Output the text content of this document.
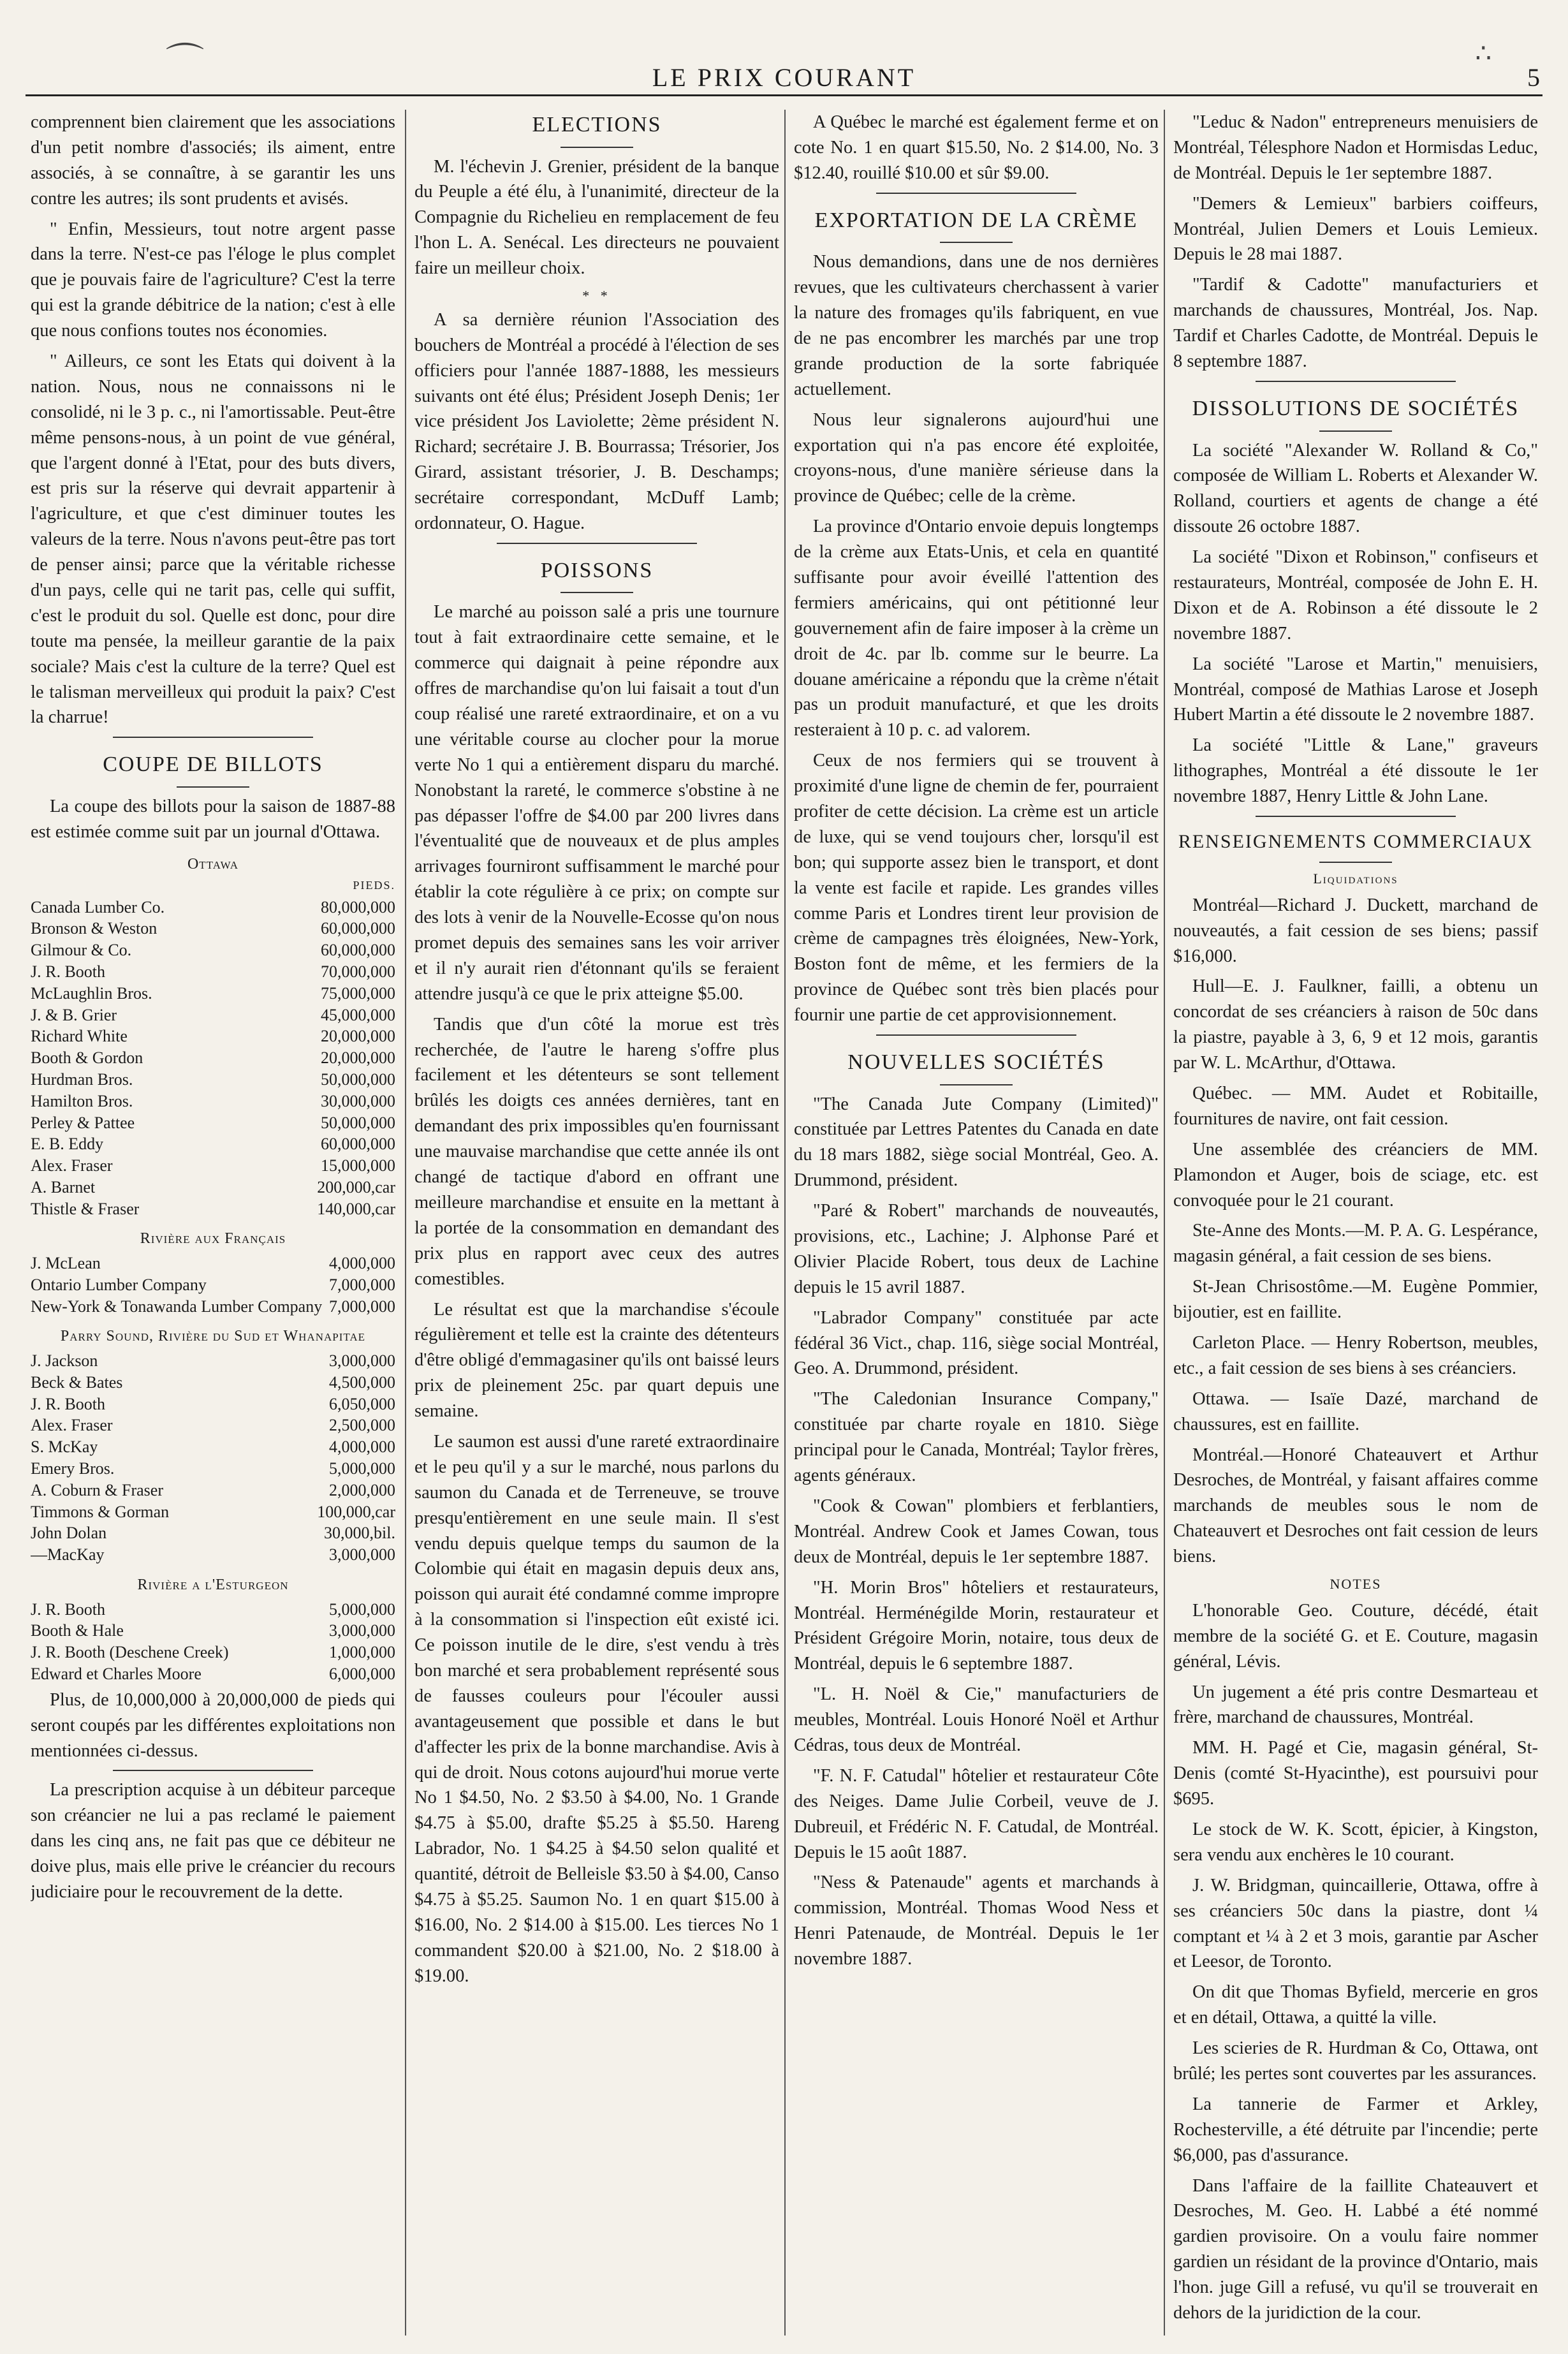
⌒	∴
LE PRIX COURANT	5

comprennent bien clairement que les associations d'un petit nombre d'associés; ils aiment, entre associés, à se connaître, à se garantir les uns contre les autres; ils sont prudents et avisés.

" Enfin, Messieurs, tout notre argent passe dans la terre. N'est-ce pas l'éloge le plus complet que je pouvais faire de l'agriculture? C'est la terre qui est la grande débitrice de la nation; c'est à elle que nous confions toutes nos économies.

" Ailleurs, ce sont les Etats qui doivent à la nation. Nous, nous ne connaissons ni le consolidé, ni le 3 p. c., ni l'amortissable. Peut-être même pensons-nous, à un point de vue général, que l'argent donné à l'Etat, pour des buts divers, est pris sur la réserve qui devrait appartenir à l'agriculture, et que c'est diminuer toutes les valeurs de la terre. Nous n'avons peut-être pas tort de penser ainsi; parce que la véritable richesse d'un pays, celle qui ne tarit pas, celle qui suffit, c'est le produit du sol. Quelle est donc, pour dire toute ma pensée, la meilleur garantie de la paix sociale? Mais c'est la culture de la terre? Quel est le talisman merveilleux qui produit la paix? C'est la charrue!

COUPE DE BILLOTS

La coupe des billots pour la saison de 1887-88 est estimée comme suit par un journal d'Ottawa.

Ottawa
PIEDS.
Canada Lumber Co.	80,000,000
Bronson & Weston	60,000,000
Gilmour & Co.	60,000,000
J. R. Booth	70,000,000
McLaughlin Bros.	75,000,000
J. & B. Grier	45,000,000
Richard White	20,000,000
Booth & Gordon	20,000,000
Hurdman Bros.	50,000,000
Hamilton Bros.	30,000,000
Perley & Pattee	50,000,000
E. B. Eddy	60,000,000
Alex. Fraser	15,000,000
A. Barnet	200,000,car
Thistle & Fraser	140,000,car
Rivière aux Français
J. McLean	4,000,000
Ontario Lumber Company	7,000,000
New-York & Tonawanda Lumber Company 7,000,000
Parry Sound, Rivière du Sud et Whanapitae
J. Jackson	3,000,000
Beck & Bates	4,500,000
J. R. Booth	6,050,000
Alex. Fraser	2,500,000
S. McKay	4,000,000
Emery Bros.	5,000,000
A. Coburn & Fraser	2,000,000
Timmons & Gorman	100,000,car
John Dolan	30,000,bil.
—MacKay	3,000,000
Rivière a l'Esturgeon
J. R. Booth	5,000,000
Booth & Hale	3,000,000
J. R. Booth (Deschene Creek)	1,000,000
Edward et Charles Moore	6,000,000

Plus, de 10,000,000 à 20,000,000 de pieds qui seront coupés par les différentes exploitations non mentionnées ci-dessus.

La prescription acquise à un débiteur parceque son créancier ne lui a pas reclamé le paiement dans les cinq ans, ne fait pas que ce débiteur ne doive plus, mais elle prive le créancier du recours judiciaire pour le recouvrement de la dette.

ELECTIONS

M. l'échevin J. Grenier, président de la banque du Peuple a été élu, à l'unanimité, directeur de la Compagnie du Richelieu en remplacement de feu l'hon L. A. Senécal. Les directeurs ne pouvaient faire un meilleur choix.

* *

A sa dernière réunion l'Association des bouchers de Montréal a procédé à l'élection de ses officiers pour l'année 1887-1888, les messieurs suivants ont été élus; Président Joseph Denis; 1er vice président Jos Laviolette; 2ème président N. Richard; secrétaire J. B. Bourrassa; Trésorier, Jos Girard, assistant trésorier, J. B. Deschamps; secrétaire correspondant, McDuff Lamb; ordonnateur, O. Hague.

POISSONS

Le marché au poisson salé a pris une tournure tout à fait extraordinaire cette semaine, et le commerce qui daignait à peine répondre aux offres de marchandise qu'on lui faisait a tout d'un coup réalisé une rareté extraordinaire, et on a vu une véritable course au clocher pour la morue verte No 1 qui a entièrement disparu du marché. Nonobstant la rareté, le commerce s'obstine à ne pas dépasser l'offre de $4.00 par 200 livres dans l'éventualité que de nouveaux et de plus amples arrivages fourniront suffisamment le marché pour établir la cote régulière à ce prix; on compte sur des lots à venir de la Nouvelle-Ecosse qu'on nous promet depuis des semaines sans les voir arriver et il n'y aurait rien d'étonnant qu'ils se feraient attendre jusqu'à ce que le prix atteigne $5.00.

Tandis que d'un côté la morue est très recherchée, de l'autre le hareng s'offre plus facilement et les détenteurs se sont tellement brûlés les doigts ces années dernières, tant en demandant des prix impossibles qu'en fournissant une mauvaise marchandise que cette année ils ont changé de tactique d'abord en offrant une meilleure marchandise et ensuite en la mettant à la portée de la consommation en demandant des prix plus en rapport avec ceux des autres comestibles.

Le résultat est que la marchandise s'écoule régulièrement et telle est la crainte des détenteurs d'être obligé d'emmagasiner qu'ils ont baissé leurs prix de pleinement 25c. par quart depuis une semaine.

Le saumon est aussi d'une rareté extraordinaire et le peu qu'il y a sur le marché, nous parlons du saumon du Canada et de Terreneuve, se trouve presqu'entièrement en une seule main. Il s'est vendu depuis quelque temps du saumon de la Colombie qui était en magasin depuis deux ans, poisson qui aurait été condamné comme impropre à la consommation si l'inspection eût existé ici. Ce poisson inutile de le dire, s'est vendu à très bon marché et sera probablement représenté sous de fausses couleurs pour l'écouler aussi avantageusement que possible et dans le but d'affecter les prix de la bonne marchandise. Avis à qui de droit. Nous cotons aujourd'hui morue verte No 1 $4.50, No. 2 $3.50 à $4.00, No. 1 Grande $4.75 à $5.00, drafte $5.25 à $5.50. Hareng Labrador, No. 1 $4.25 à $4.50 selon qualité et quantité, détroit de Belleisle $3.50 à $4.00, Canso $4.75 à $5.25. Saumon No. 1 en quart $15.00 à $16.00, No. 2 $14.00 à $15.00. Les tierces No 1 commandent $20.00 à $21.00, No. 2 $18.00 à $19.00.

A Québec le marché est également ferme et on cote No. 1 en quart $15.50, No. 2 $14.00, No. 3 $12.40, rouillé $10.00 et sûr $9.00.

EXPORTATION DE LA CRÈME

Nous demandions, dans une de nos dernières revues, que les cultivateurs cherchassent à varier la nature des fromages qu'ils fabriquent, en vue de ne pas encombrer les marchés par une trop grande production de la sorte fabriquée actuellement.

Nous leur signalerons aujourd'hui une exportation qui n'a pas encore été exploitée, croyons-nous, d'une manière sérieuse dans la province de Québec; celle de la crème.

La province d'Ontario envoie depuis longtemps de la crème aux Etats-Unis, et cela en quantité suffisante pour avoir éveillé l'attention des fermiers américains, qui ont pétitionné leur gouvernement afin de faire imposer à la crème un droit de 4c. par lb. comme sur le beurre. La douane américaine a répondu que la crème n'était pas un produit manufacturé, et que les droits resteraient à 10 p. c. ad valorem.

Ceux de nos fermiers qui se trouvent à proximité d'une ligne de chemin de fer, pourraient profiter de cette décision. La crème est un article de luxe, qui se vend toujours cher, lorsqu'il est bon; qui supporte assez bien le transport, et dont la vente est facile et rapide. Les grandes villes comme Paris et Londres tirent leur provision de crème de campagnes très éloignées, New-York, Boston font de même, et les fermiers de la province de Québec sont très bien placés pour fournir une partie de cet approvisionnement.

NOUVELLES SOCIÉTÉS

"The Canada Jute Company (Limited)" constituée par Lettres Patentes du Canada en date du 18 mars 1882, siège social Montréal, Geo. A. Drummond, président.

"Paré & Robert" marchands de nouveautés, provisions, etc., Lachine; J. Alphonse Paré et Olivier Placide Robert, tous deux de Lachine depuis le 15 avril 1887.

"Labrador Company" constituée par acte fédéral 36 Vict., chap. 116, siège social Montréal, Geo. A. Drummond, président.

"The Caledonian Insurance Company," constituée par charte royale en 1810. Siège principal pour le Canada, Montréal; Taylor frères, agents généraux.

"Cook & Cowan" plombiers et ferblantiers, Montréal. Andrew Cook et James Cowan, tous deux de Montréal, depuis le 1er septembre 1887.

"H. Morin Bros" hôteliers et restaurateurs, Montréal. Herménégilde Morin, restaurateur et Président Grégoire Morin, notaire, tous deux de Montréal, depuis le 6 septembre 1887.

"L. H. Noël & Cie," manufacturiers de meubles, Montréal. Louis Honoré Noël et Arthur Cédras, tous deux de Montréal.

"F. N. F. Catudal" hôtelier et restaurateur Côte des Neiges. Dame Julie Corbeil, veuve de J. Dubreuil, et Frédéric N. F. Catudal, de Montréal. Depuis le 15 août 1887.

"Ness & Patenaude" agents et marchands à commission, Montréal. Thomas Wood Ness et Henri Patenaude, de Montréal. Depuis le 1er novembre 1887.

"Leduc & Nadon" entrepreneurs menuisiers de Montréal, Télesphore Nadon et Hormisdas Leduc, de Montréal. Depuis le 1er septembre 1887.

"Demers & Lemieux" barbiers coiffeurs, Montréal, Julien Demers et Louis Lemieux. Depuis le 28 mai 1887.

"Tardif & Cadotte" manufacturiers et marchands de chaussures, Montréal, Jos. Nap. Tardif et Charles Cadotte, de Montréal. Depuis le 8 septembre 1887.

DISSOLUTIONS DE SOCIÉTÉS

La société "Alexander W. Rolland & Co," composée de William L. Roberts et Alexander W. Rolland, courtiers et agents de change a été dissoute 26 octobre 1887.

La société "Dixon et Robinson," confiseurs et restaurateurs, Montréal, composée de John E. H. Dixon et de A. Robinson a été dissoute le 2 novembre 1887.

La société "Larose et Martin," menuisiers, Montréal, composé de Mathias Larose et Joseph Hubert Martin a été dissoute le 2 novembre 1887.

La société "Little & Lane," graveurs lithographes, Montréal a été dissoute le 1er novembre 1887, Henry Little & John Lane.

RENSEIGNEMENTS COMMERCIAUX
Liquidations

Montréal—Richard J. Duckett, marchand de nouveautés, a fait cession de ses biens; passif $16,000.

Hull—E. J. Faulkner, failli, a obtenu un concordat de ses créanciers à raison de 50c dans la piastre, payable à 3, 6, 9 et 12 mois, garantis par W. L. McArthur, d'Ottawa.

Québec. — MM. Audet et Robitaille, fournitures de navire, ont fait cession.

Une assemblée des créanciers de MM. Plamondon et Auger, bois de sciage, etc. est convoquée pour le 21 courant.

Ste-Anne des Monts.—M. P. A. G. Lespérance, magasin général, a fait cession de ses biens.

St-Jean Chrisostôme.—M. Eugène Pommier, bijoutier, est en faillite.

Carleton Place. — Henry Robertson, meubles, etc., a fait cession de ses biens à ses créanciers.

Ottawa. — Isaïe Dazé, marchand de chaussures, est en faillite.

Montréal.—Honoré Chateauvert et Arthur Desroches, de Montréal, y faisant affaires comme marchands de meubles sous le nom de Chateauvert et Desroches ont fait cession de leurs biens.

NOTES

L'honorable Geo. Couture, décédé, était membre de la société G. et E. Couture, magasin général, Lévis.

Un jugement a été pris contre Desmarteau et frère, marchand de chaussures, Montréal.

MM. H. Pagé et Cie, magasin général, St-Denis (comté St-Hyacinthe), est poursuivi pour $695.

Le stock de W. K. Scott, épicier, à Kingston, sera vendu aux enchères le 10 courant.

J. W. Bridgman, quincaillerie, Ottawa, offre à ses créanciers 50c dans la piastre, dont ¼ comptant et ¼ à 2 et 3 mois, garantie par Ascher et Leesor, de Toronto.

On dit que Thomas Byfield, mercerie en gros et en détail, Ottawa, a quitté la ville.

Les scieries de R. Hurdman & Co, Ottawa, ont brûlé; les pertes sont couvertes par les assurances.

La tannerie de Farmer et Arkley, Rochesterville, a été détruite par l'incendie; perte $6,000, pas d'assurance.

Dans l'affaire de la faillite Chateauvert et Desroches, M. Geo. H. Labbé a été nommé gardien provisoire. On a voulu faire nommer gardien un résidant de la province d'Ontario, mais l'hon. juge Gill a refusé, vu qu'il se trouverait en dehors de la juridiction de la cour.
